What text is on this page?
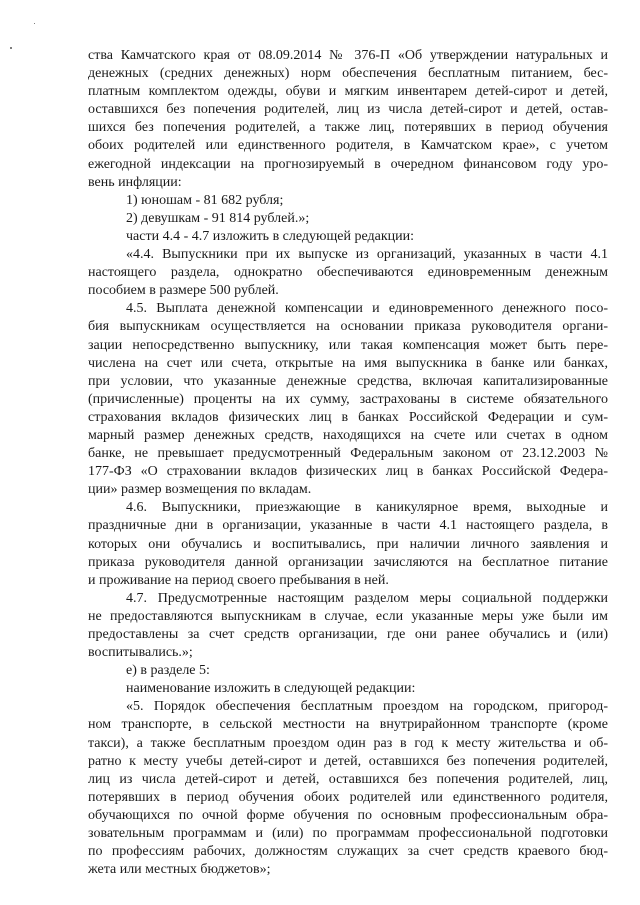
ства Камчатского края от 08.09.2014 № 376-П «Об утверждении натуральных и
денежных (средних денежных) норм обеспечения бесплатным питанием, бес-
платным комплектом одежды, обуви и мягким инвентарем детей-сирот и детей,
оставшихся без попечения родителей, лиц из числа детей-сирот и детей, остав-
шихся без попечения родителей, а также лиц, потерявших в период обучения
обоих родителей или единственного родителя, в Камчатском крае», с учетом
ежегодной индексации на прогнозируемый в очередном финансовом году уро-
вень инфляции:
1) юношам - 81 682 рубля;
2) девушкам - 91 814 рублей.»;
части 4.4 - 4.7 изложить в следующей редакции:
«4.4. Выпускники при их выпуске из организаций, указанных в части 4.1
настоящего раздела, однократно обеспечиваются единовременным денежным
пособием в размере 500 рублей.
4.5. Выплата денежной компенсации и единовременного денежного посо-
бия выпускникам осуществляется на основании приказа руководителя органи-
зации непосредственно выпускнику, или такая компенсация может быть пере-
числена на счет или счета, открытые на имя выпускника в банке или банках,
при условии, что указанные денежные средства, включая капитализированные
(причисленные) проценты на их сумму, застрахованы в системе обязательного
страхования вкладов физических лиц в банках Российской Федерации и сум-
марный размер денежных средств, находящихся на счете или счетах в одном
банке, не превышает предусмотренный Федеральным законом от 23.12.2003 №
177-ФЗ «О страховании вкладов физических лиц в банках Российской Федера-
ции» размер возмещения по вкладам.
4.6. Выпускники, приезжающие в каникулярное время, выходные и
праздничные дни в организации, указанные в части 4.1 настоящего раздела, в
которых они обучались и воспитывались, при наличии личного заявления и
приказа руководителя данной организации зачисляются на бесплатное питание
и проживание на период своего пребывания в ней.
4.7. Предусмотренные настоящим разделом меры социальной поддержки
не предоставляются выпускникам в случае, если указанные меры уже были им
предоставлены за счет средств организации, где они ранее обучались и (или)
воспитывались.»;
е) в разделе 5:
наименование изложить в следующей редакции:
«5. Порядок обеспечения бесплатным проездом на городском, пригород-
ном транспорте, в сельской местности на внутрирайонном транспорте (кроме
такси), а также бесплатным проездом один раз в год к месту жительства и об-
ратно к месту учебы детей-сирот и детей, оставшихся без попечения родителей,
лиц из числа детей-сирот и детей, оставшихся без попечения родителей, лиц,
потерявших в период обучения обоих родителей или единственного родителя,
обучающихся по очной форме обучения по основным профессиональным обра-
зовательным программам и (или) по программам профессиональной подготовки
по профессиям рабочих, должностям служащих за счет средств краевого бюд-
жета или местных бюджетов»;
